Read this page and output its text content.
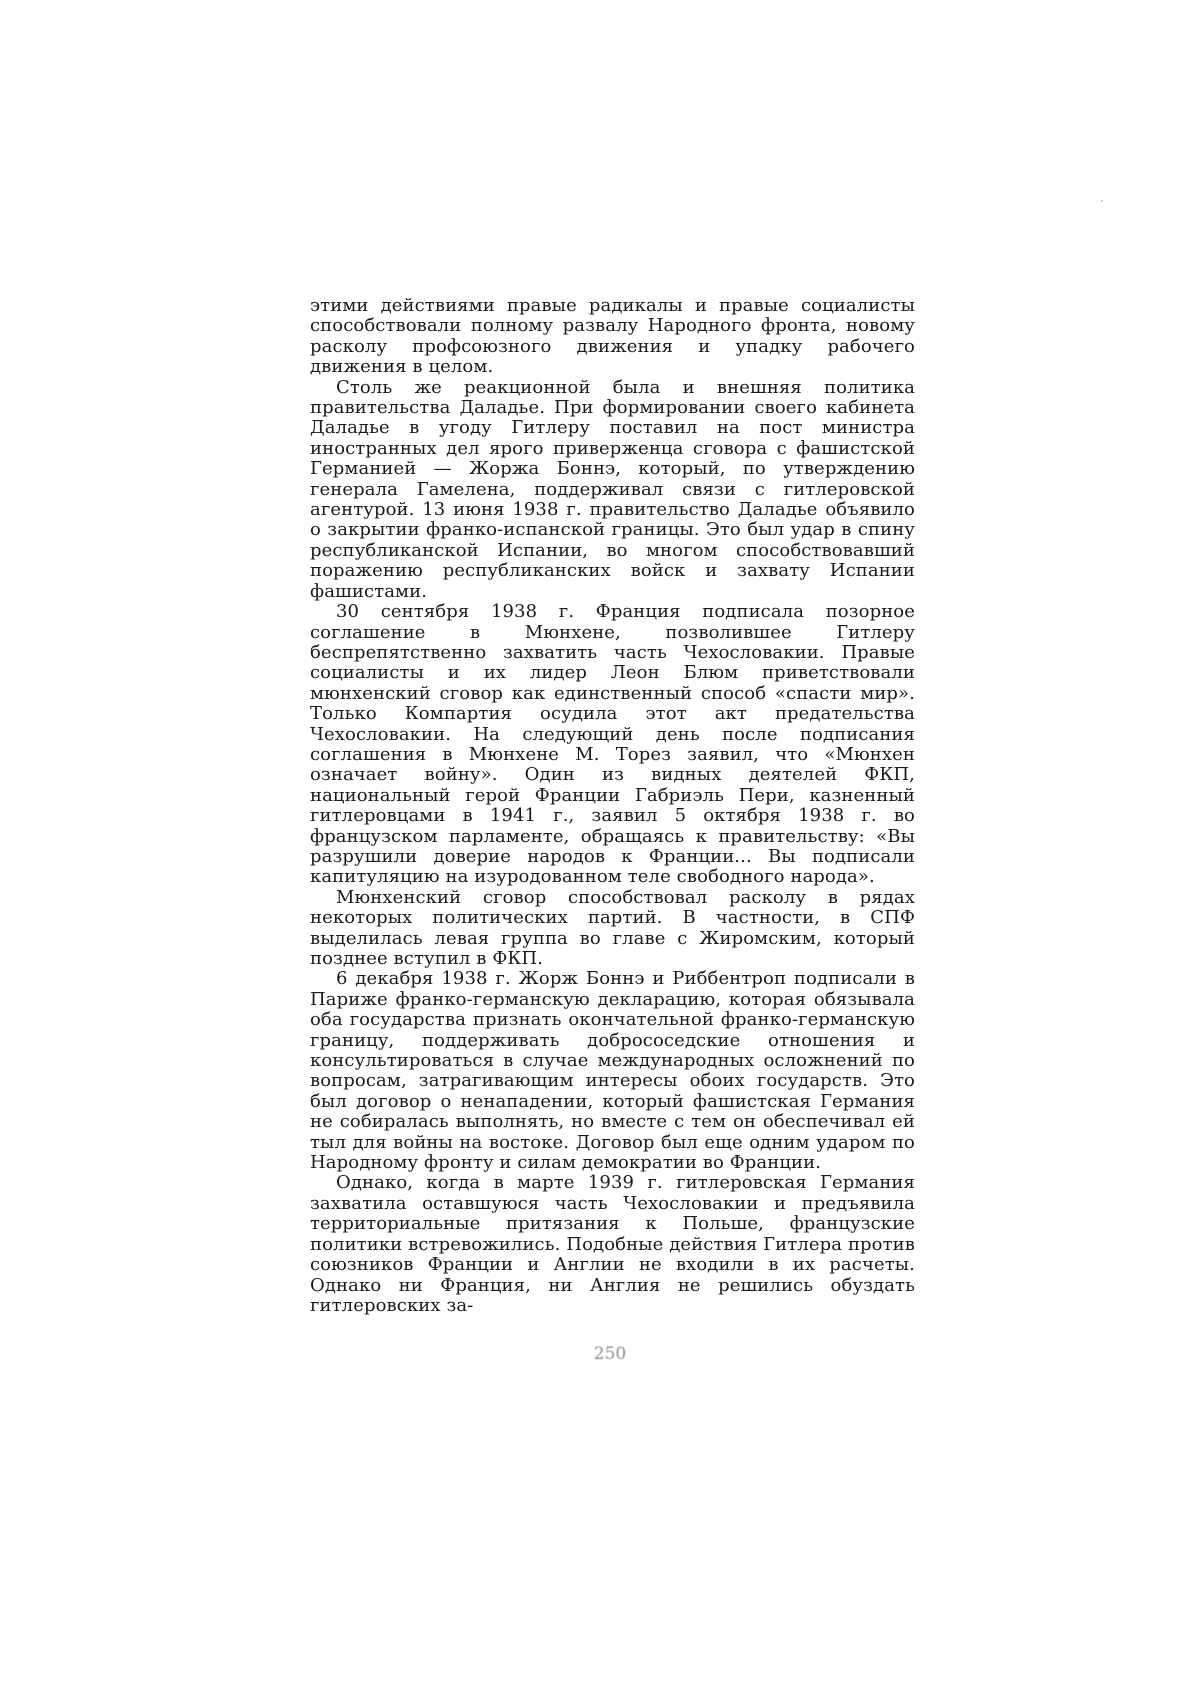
этими действиями правые радикалы и правые социалисты способствовали полному развалу Народного фронта, новому расколу профсоюзного движения и упадку рабочего движения в целом.

Столь же реакционной была и внешняя политика правительства Даладье. При формировании своего кабинета Даладье в угоду Гитлеру поставил на пост министра иностранных дел ярого приверженца сговора с фашистской Германией — Жоржа Боннэ, который, по утверждению генерала Гамелена, поддерживал связи с гитлеровской агентурой. 13 июня 1938 г. правительство Даладье объявило о закрытии франко-испанской границы. Это был удар в спину республиканской Испании, во многом способствовавший поражению республиканских войск и захвату Испании фашистами.

30 сентября 1938 г. Франция подписала позорное соглашение в Мюнхене, позволившее Гитлеру беспрепятственно захватить часть Чехословакии. Правые социалисты и их лидер Леон Блюм приветствовали мюнхенский сговор как единственный способ «спасти мир». Только Компартия осудила этот акт предательства Чехословакии. На следующий день после подписания соглашения в Мюнхене М. Торез заявил, что «Мюнхен означает войну». Один из видных деятелей ФКП, национальный герой Франции Габриэль Пери, казненный гитлеровцами в 1941 г., заявил 5 октября 1938 г. во французском парламенте, обращаясь к правительству: «Вы разрушили доверие народов к Франции... Вы подписали капитуляцию на изуродованном теле свободного народа».

Мюнхенский сговор способствовал расколу в рядах некоторых политических партий. В частности, в СПФ выделилась левая группа во главе с Жиромским, который позднее вступил в ФКП.

6 декабря 1938 г. Жорж Боннэ и Риббентроп подписали в Париже франко-германскую декларацию, которая обязывала оба государства признать окончательной франко-германскую границу, поддерживать добрососедские отношения и консультироваться в случае международных осложнений по вопросам, затрагивающим интересы обоих государств. Это был договор о ненападении, который фашистская Германия не собиралась выполнять, но вместе с тем он обеспечивал ей тыл для войны на востоке. Договор был еще одним ударом по Народному фронту и силам демократии во Франции.

Однако, когда в марте 1939 г. гитлеровская Германия захватила оставшуюся часть Чехословакии и предъявила территориальные притязания к Польше, французские политики встревожились. Подобные действия Гитлера против союзников Франции и Англии не входили в их расчеты. Однако ни Франция, ни Англия не решились обуздать гитлеровских за-

250
